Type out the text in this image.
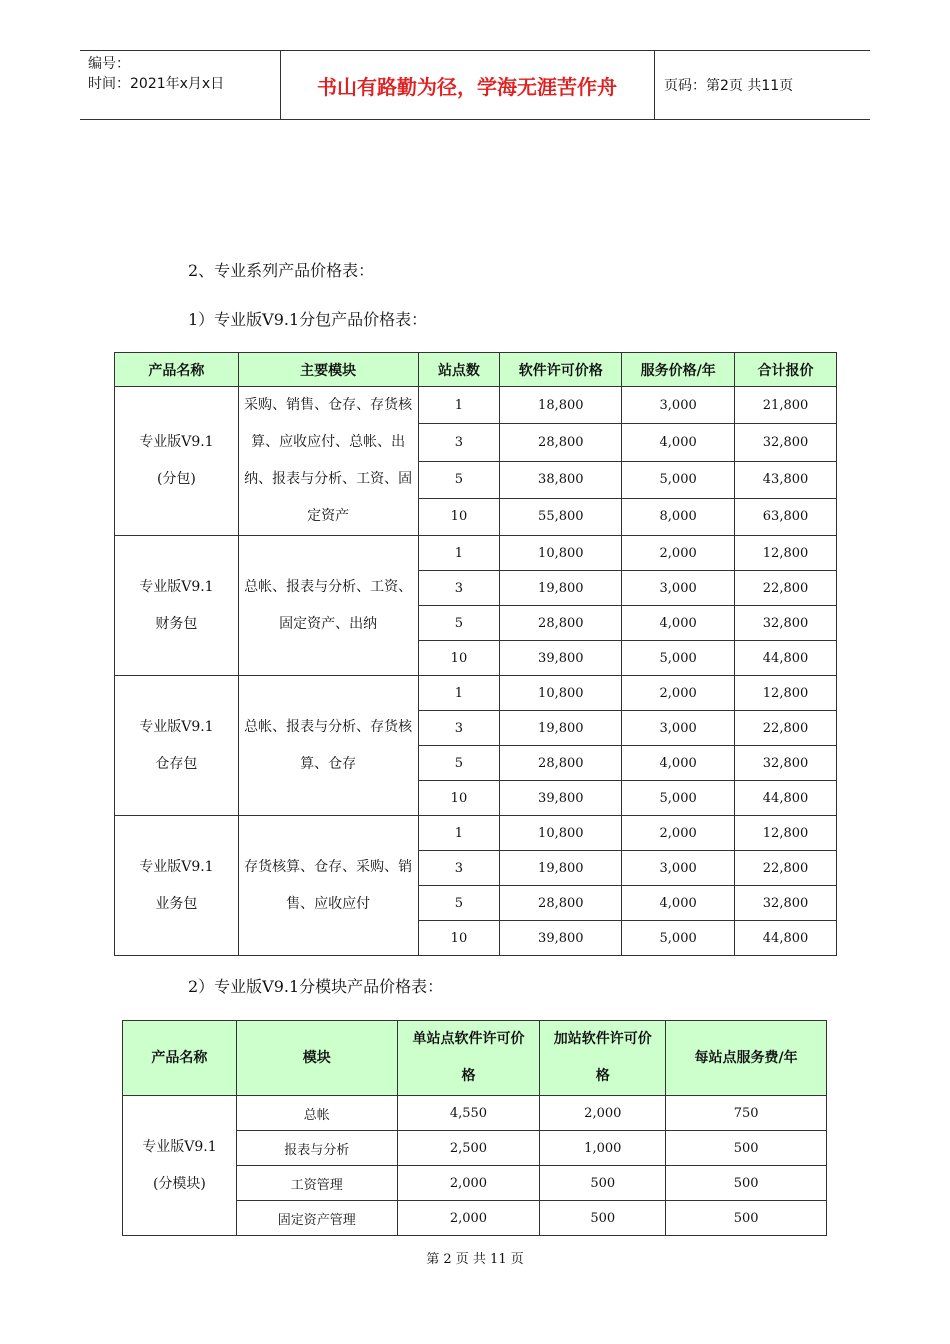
编号：
时间：2021年x月x日	书山有路勤为径，学海无涯苦作舟	页码：第2页 共11页
2、专业系列产品价格表：
1）专业版V9.1分包产品价格表：
产品名称	主要模块	站点数	软件许可价格	服务价格/年	合计报价

专业版V9.1
(分包)	采购、销售、仓存、存货核算、应收应付、总帐、出纳、报表与分析、工资、固定资产	1	18,800	3,000	21,800
		3	28,800	4,000	32,800
		5	38,800	5,000	43,800
		10	55,800	8,000	63,800

专业版V9.1
财务包	总帐、报表与分析、工资、固定资产、出纳	1	10,800	2,000	12,800
		3	19,800	3,000	22,800
		5	28,800	4,000	32,800
		10	39,800	5,000	44,800

专业版V9.1
仓存包	总帐、报表与分析、存货核算、仓存	1	10,800	2,000	12,800
		3	19,800	3,000	22,800
		5	28,800	4,000	32,800
		10	39,800	5,000	44,800

专业版V9.1
业务包	存货核算、仓存、采购、销售、应收应付	1	10,800	2,000	12,800
		3	19,800	3,000	22,800
		5	28,800	4,000	32,800
		10	39,800	5,000	44,800
2）专业版V9.1分模块产品价格表：
产品名称	模块	单站点软件许可价格	加站软件许可价格	每站点服务费/年

专业版V9.1
(分模块)	总帐	4,550	2,000	750
	报表与分析	2,500	1,000	500
	工资管理	2,000	500	500
	固定资产管理	2,000	500	500
第 2 页 共 11 页
